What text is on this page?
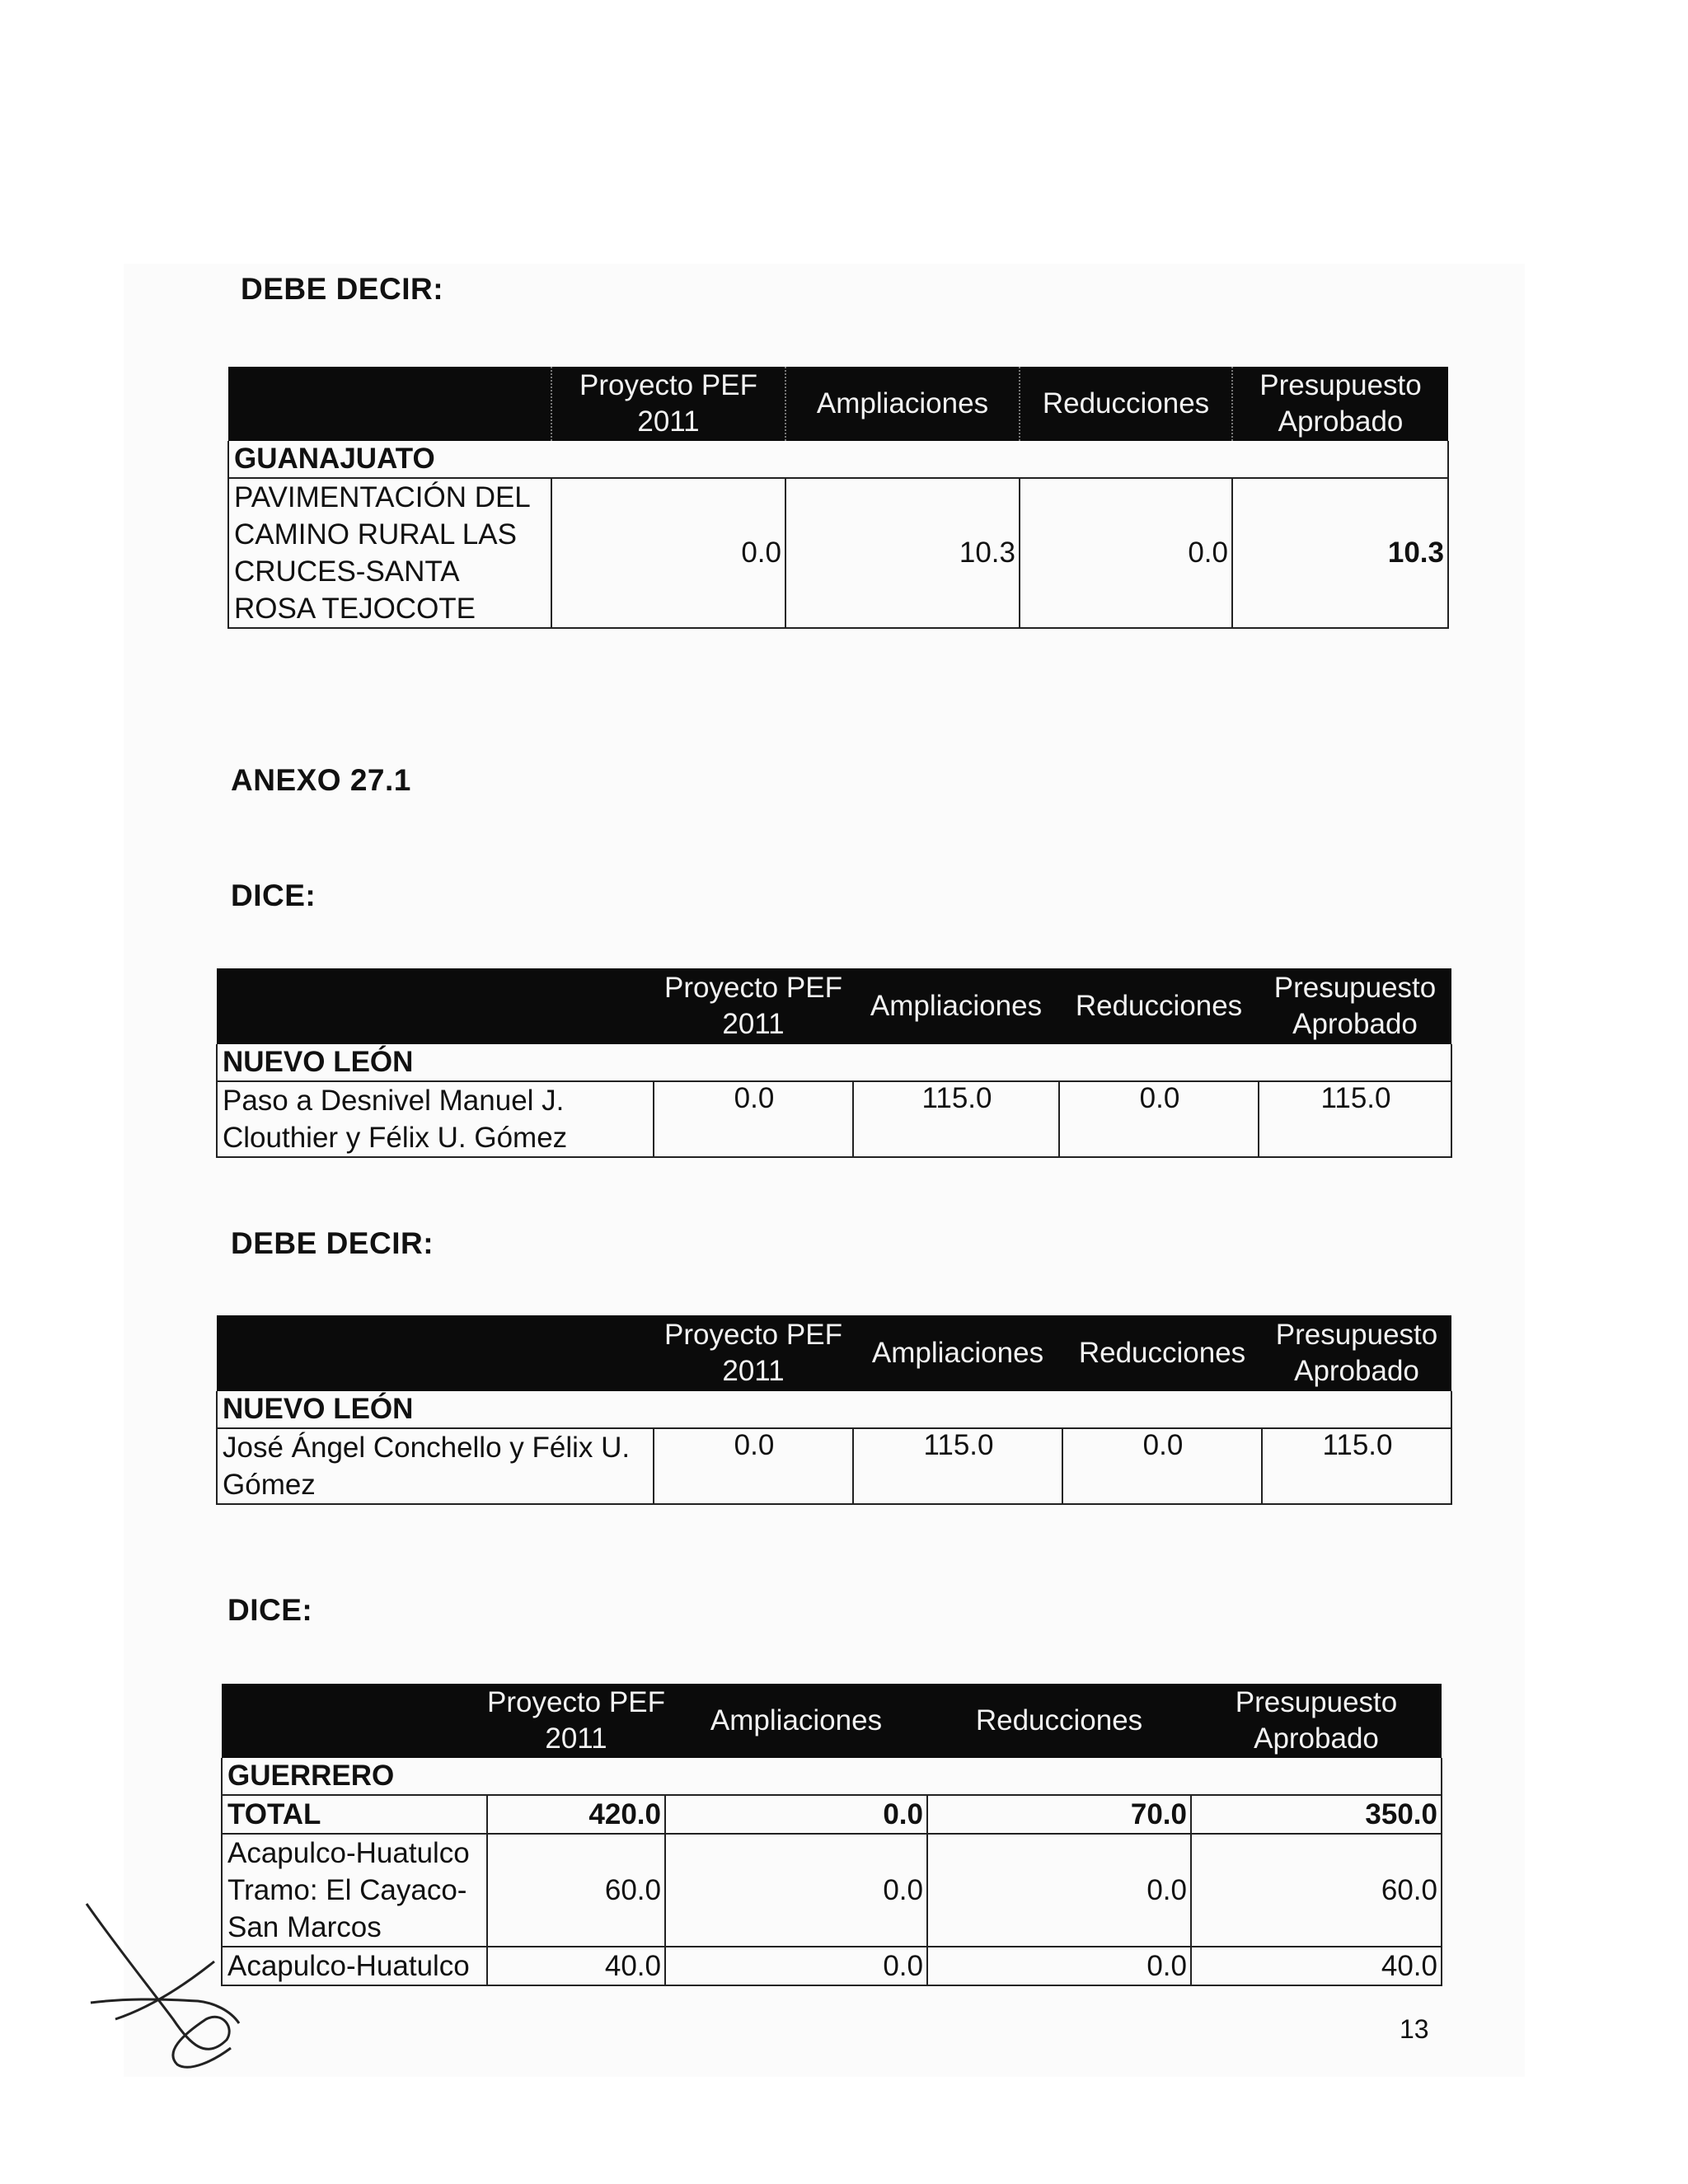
DEBE DECIR:
	Proyecto PEF 2011	Ampliaciones	Reducciones	Presupuesto Aprobado
GUANAJUATO				
PAVIMENTACIÓN DEL CAMINO RURAL LAS CRUCES-SANTA ROSA TEJOCOTE	0.0	10.3	0.0	10.3
ANEXO 27.1
DICE:
	Proyecto PEF 2011	Ampliaciones	Reducciones	Presupuesto Aprobado
NUEVO LEÓN				
Paso a Desnivel Manuel J. Clouthier y Félix U. Gómez	0.0	115.0	0.0	115.0
DEBE DECIR:
	Proyecto PEF 2011	Ampliaciones	Reducciones	Presupuesto Aprobado
NUEVO LEÓN				
José Ángel Conchello y Félix U. Gómez	0.0	115.0	0.0	115.0
DICE:
	Proyecto PEF 2011	Ampliaciones	Reducciones	Presupuesto Aprobado
GUERRERO				
TOTAL	420.0	0.0	70.0	350.0
Acapulco-Huatulco Tramo: El Cayaco-San Marcos	60.0	0.0	0.0	60.0
Acapulco-Huatulco	40.0	0.0	0.0	40.0
13
